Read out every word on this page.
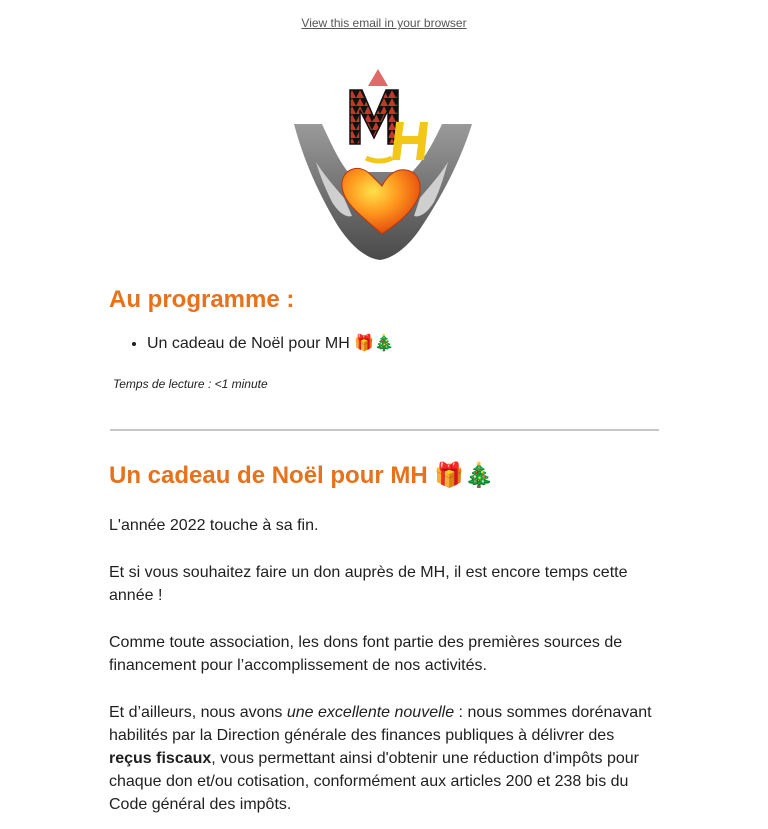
View this email in your browser
Au programme :
• Un cadeau de Noël pour MH 🎁🎄
Temps de lecture : <1 minute
Un cadeau de Noël pour MH 🎁🎄

L'année 2022 touche à sa fin.

Et si vous souhaitez faire un don auprès de MH, il est encore temps cette année !

Comme toute association, les dons font partie des premières sources de financement pour l’accomplissement de nos activités.

Et d’ailleurs, nous avons une excellente nouvelle : nous sommes dorénavant habilités par la Direction générale des finances publiques à délivrer des reçus fiscaux, vous permettant ainsi d'obtenir une réduction d'impôts pour chaque don et/ou cotisation, conformément aux articles 200 et 238 bis du Code général des impôts.
